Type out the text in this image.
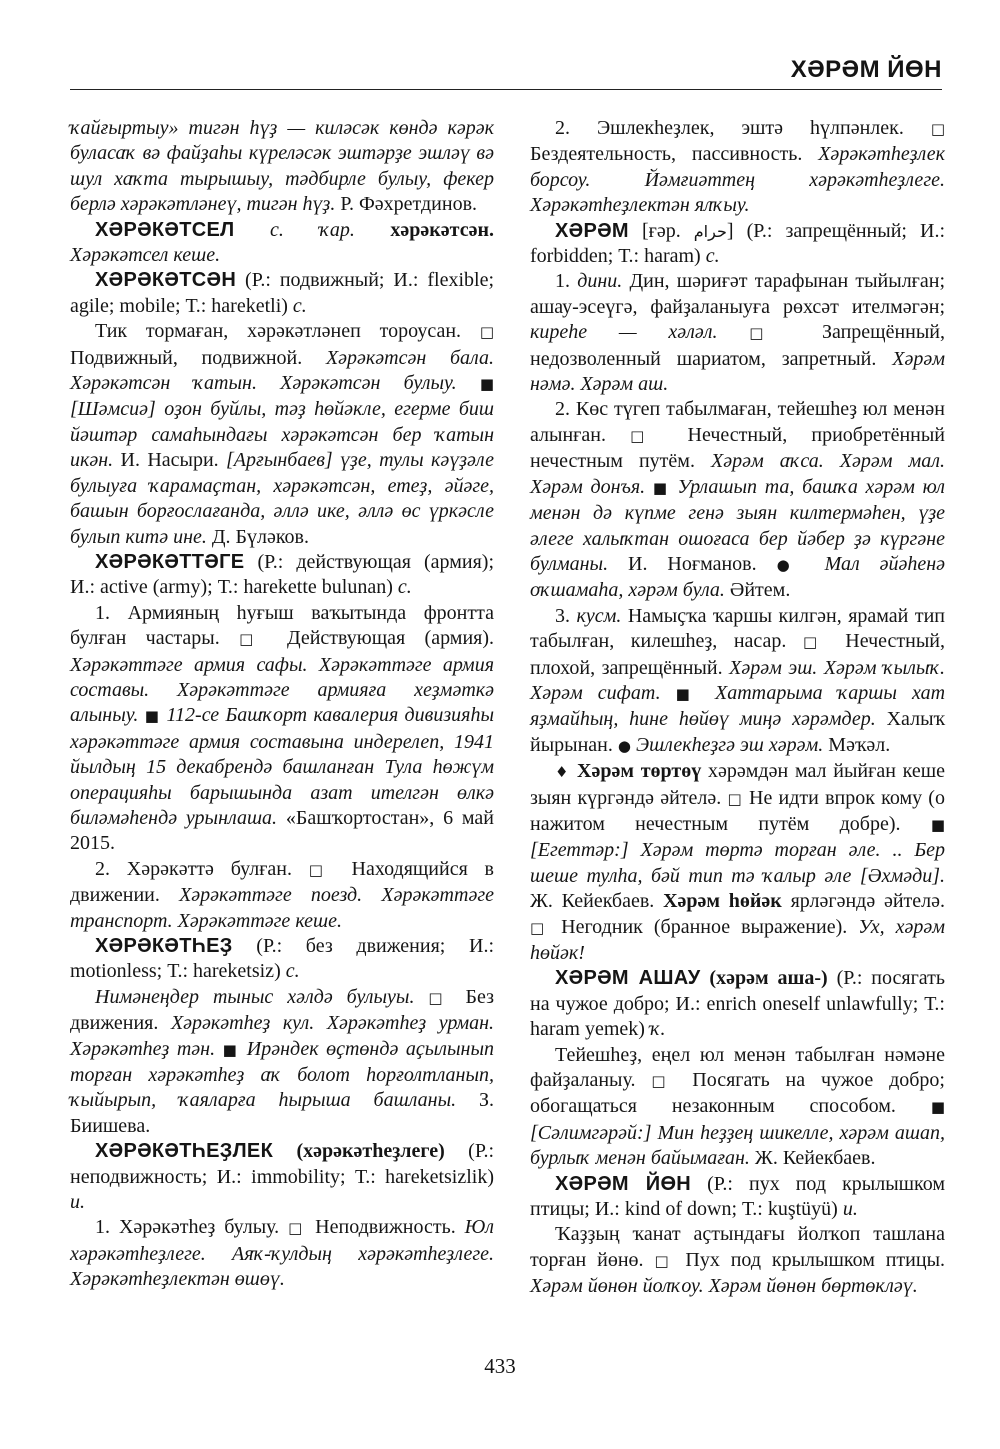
ХӘРӘМ ЙӨН

ҡайғыртыу» тигән һүҙ — киләсәк көндә кәрәк буласаҡ вә файҙаһы күреләсәк эштәрҙе эшләү вә шул хаҡта тырышыу, тәдбирле булыу, фекер берлә хәрәкәтләнеү, тигән һүҙ. Р. Фәхретдинов.

ХӘРӘКӘТСЕЛ с. ҡар. хәрәкәтсән. Хәрәкәтсел кеше.

ХӘРӘКӘТСӘН (Р.: подвижный; И.: flexible; agile; mobile; Т.: hareketli) с.

Тик тормаған, хәрәкәтләнеп тороусан. □ Подвижный, подвижной. Хәрәкәтсән бала. Хәрәкәтсән ҡатын. Хәрәкәтсән булыу. ■ [Шәмсиә] оҙон буйлы, тәҙ һөйәкле, егерме биш йәштәр самаһындағы хәрәкәтсән бер ҡатын икән. И. Насыри. [Арғынбаев] үҙе, тулы кәүҙәле булыуға ҡарамаҫтан, хәрәкәтсән, етеҙ, әйәге, башын борғослағанда, әллә ике, әллә өс үркәсле булып китә ине. Д. Бүләков.

ХӘРӘКӘТТӘГЕ (Р.: действующая (армия); И.: active (army); Т.: harekette bulunan) с.

1. Армияның һуғыш ваҡытында фронтта булған частары. □ Действующая (армия). Хәрәкәттәге армия сафы. Хәрәкәттәге армия составы. Хәрәкәттәге армияға хеҙмәткә алыныу. ■ 112-се Башҡорт кавалерия дивизияһы хәрәкәттәге армия составына индерелеп, 1941 йылдың 15 декабрендә башланған Тула һөжүм операцияһы барышында азат ителгән өлкә биләмәһендә урынлаша. «Башҡортостан», 6 май 2015.

2. Хәрәкәттә булған. □ Находящийся в движении. Хәрәкәттәге поезд. Хәрәкәттәге транспорт. Хәрәкәттәге кеше.

ХӘРӘКӘТҺЕҘ (Р.: без движения; И.: motionless; Т.: hareketsiz) с.

Нимәнеңдер тыныс хәлдә булыуы. □ Без движения. Хәрәкәтһеҙ кул. Хәрәкәтһеҙ урман. Хәрәкәтһеҙ тән. ■ Ирәндек өҫтөндә аҫылынып торған хәрәкәтһеҙ аҡ болот һорғолтланып, ҡыйырып, ҡаяларға һырыша башланы. З. Биишева.

ХӘРӘКӘТҺЕҘЛЕК (хәрәкәтһеҙлеге) (Р.: неподвижность; И.: immobility; Т.: hareketsizlik) и.

1. Хәрәкәтһеҙ булыу. □ Неподвижность. Юл хәрәкәтһеҙлеге. Аяҡ-ҡулдың хәрәкәтһеҙлеге. Хәрәкәтһеҙлектән өшөү.

2. Эшлекһеҙлек, эштә һүлпәнлек. □ Бездеятельность, пассивность. Хәрәкәтһеҙлек борсоу. Йәмғиәттең хәрәкәтһеҙлеге. Хәрәкәтһеҙлектән ялҡыу.

ХӘРӘМ [ғәр. حرام] (Р.: запрещённый; И.: forbidden; Т.: haram) с.

1. дини. Дин, шәриғәт тарафынан тыйылған; ашау-эсеүгә, файҙаланыуға рөхсәт ителмәгән; киреһе — хәләл. □ Запрещённый, недозволенный шариатом, запретный. Хәрәм нәмә. Хәрәм аш.

2. Көс түгеп табылмаған, тейешһеҙ юл менән алынған. □ Нечестный, приобретённый нечестным путём. Хәрәм аҡса. Хәрәм мал. Хәрәм донъя. ■ Урлашып та, башҡа хәрәм юл менән дә күпме генә зыян килтермәһен, үҙе әлеге халыҡтан ошоғаса бер йәбер ҙә күргәне булманы. И. Ноғманов. ● Мал әйәһенә оҡшамаһа, хәрәм була. Әйтем.

3. кусм. Намыҫҡа ҡаршы килгән, ярамай тип табылған, килешһеҙ, насар. □ Нечестный, плохой, запрещённый. Хәрәм эш. Хәрәм ҡылыҡ. Хәрәм сифат. ■ Хаттарыма ҡаршы хат яҙмайһың, һине һөйөү миңә хәрәмдер. Халыҡ йырынан. ● Эшлекһеҙгә эш хәрәм. Мәҡәл.

♦ Хәрәм төртөү хәрәмдән мал йыйған кеше зыян күргәндә әйтелә. □ Не идти впрок кому (о нажитом нечестным путём добре). ■ [Егеттәр:] Хәрәм төртә торған әле. .. Бер шеше тулһа, бәй тип тә ҡалыр әле [Әхмәди]. Ж. Кейекбаев. Хәрәм һөйәк ярләгәндә әйтелә. □ Негодник (бранное выражение). Ух, хәрәм һөйәк!

ХӘРӘМ АШАУ (хәрәм аша-) (Р.: посягать на чужое добро; И.: enrich oneself unlawfully; Т.: haram yemek) ҡ.

Тейешһеҙ, еңел юл менән табылған нәмәне файҙаланыу. □ Посягать на чужое добро; обогащаться незаконным способом. ■ [Сәлимгәрәй:] Мин һеҙҙең шикелле, хәрәм ашап, бурлыҡ менән байымаған. Ж. Кейекбаев.

ХӘРӘМ ЙӨН (Р.: пух под крылышком птицы; И.: kind of down; Т.: kuştüyü) и.

Ҡаҙҙың ҡанат аҫтындағы йолҡоп ташлана торған йөнө. □ Пух под крылышком птицы. Хәрәм йөнөн йолҡоу. Хәрәм йөнөн бөртөкләү.

433
